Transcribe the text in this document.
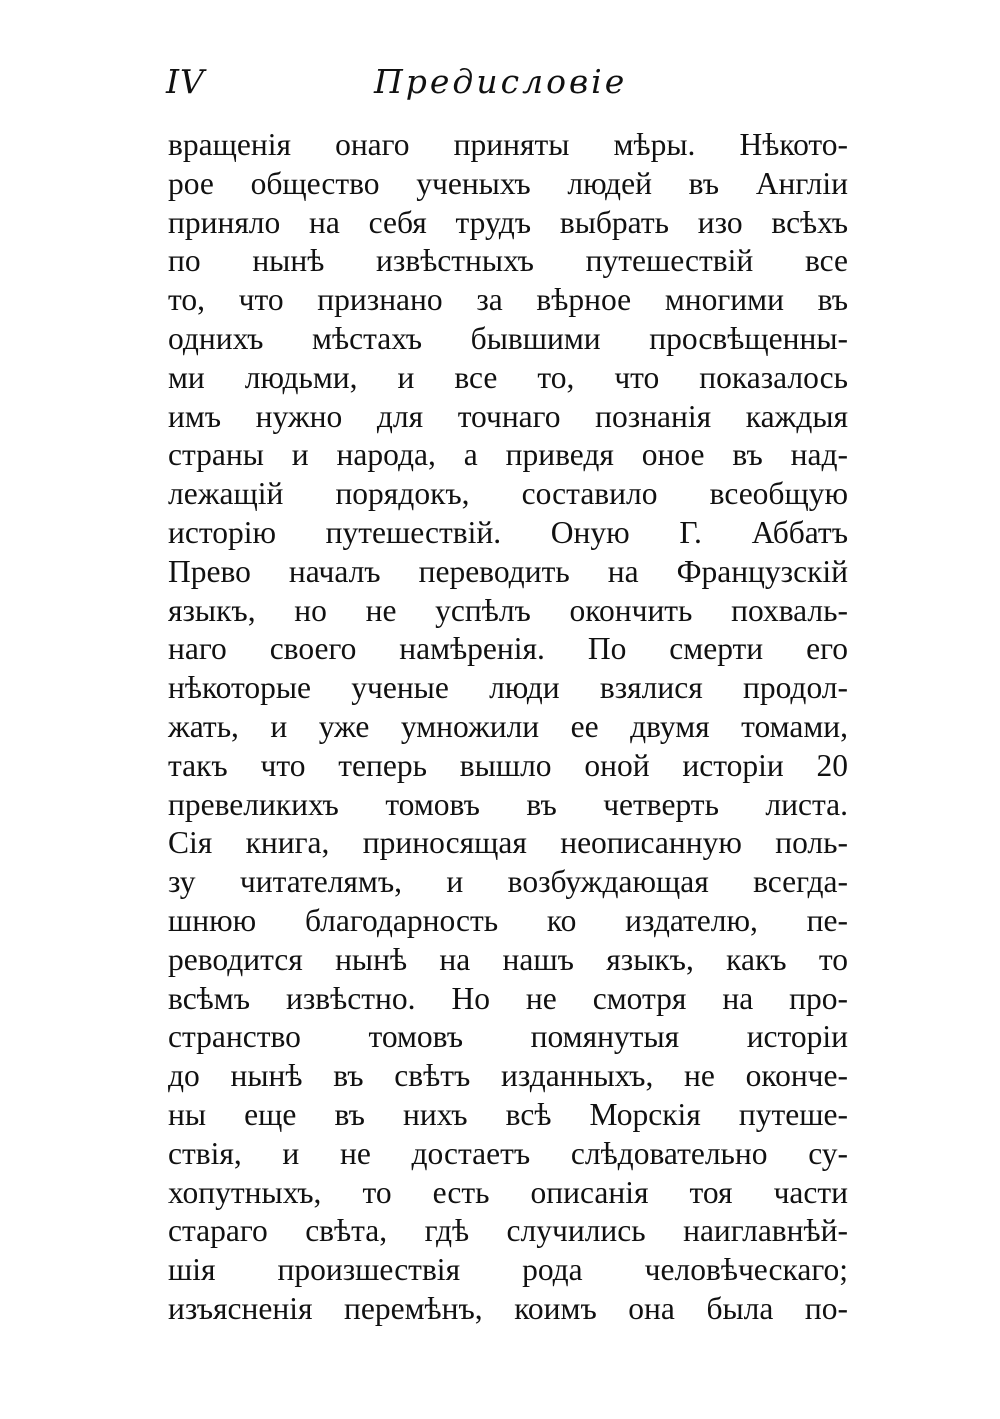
IV	Предисловіе
вращенія онаго приняты мѣры. Нѣкото-
рое общество ученыхъ людей въ Англіи
приняло на себя трудъ выбрать изо всѣхъ
по нынѣ извѣстныхъ путешествій все
то, что признано за вѣрное многими въ
однихъ мѣстахъ бывшими просвѣщенны-
ми людьми, и все то, что показалось
имъ нужно для точнаго познанія каждыя
страны и народа, а приведя оное въ над-
лежащій порядокъ, составило всеобщую
исторію путешествій. Оную Г. Аббатъ
Прево началъ переводить на Французскій
языкъ, но не успѣлъ окончить похваль-
наго своего намѣренія. По смерти его
нѣкоторые ученые люди взялися продол-
жать, и уже умножили ее двумя томами,
такъ что теперь вышло оной исторіи 20
превеликихъ томовъ въ четверть листа.
Сія книга, приносящая неописанную поль-
зу читателямъ, и возбуждающая всегда-
шнюю благодарность ко издателю, пе-
реводится нынѣ на нашъ языкъ, какъ то
всѣмъ извѣстно. Но не смотря на про-
странство томовъ помянутыя исторіи
до нынѣ въ свѣтъ изданныхъ, не оконче-
ны еще въ нихъ всѣ Морскія путеше-
ствія, и не достаетъ слѣдовательно су-
хопутныхъ, то есть описанія тоя части
стараго свѣта, гдѣ случились наиглавнѣй-
шія произшествія рода человѣческаго;
изъясненія перемѣнъ, коимъ она была по-
